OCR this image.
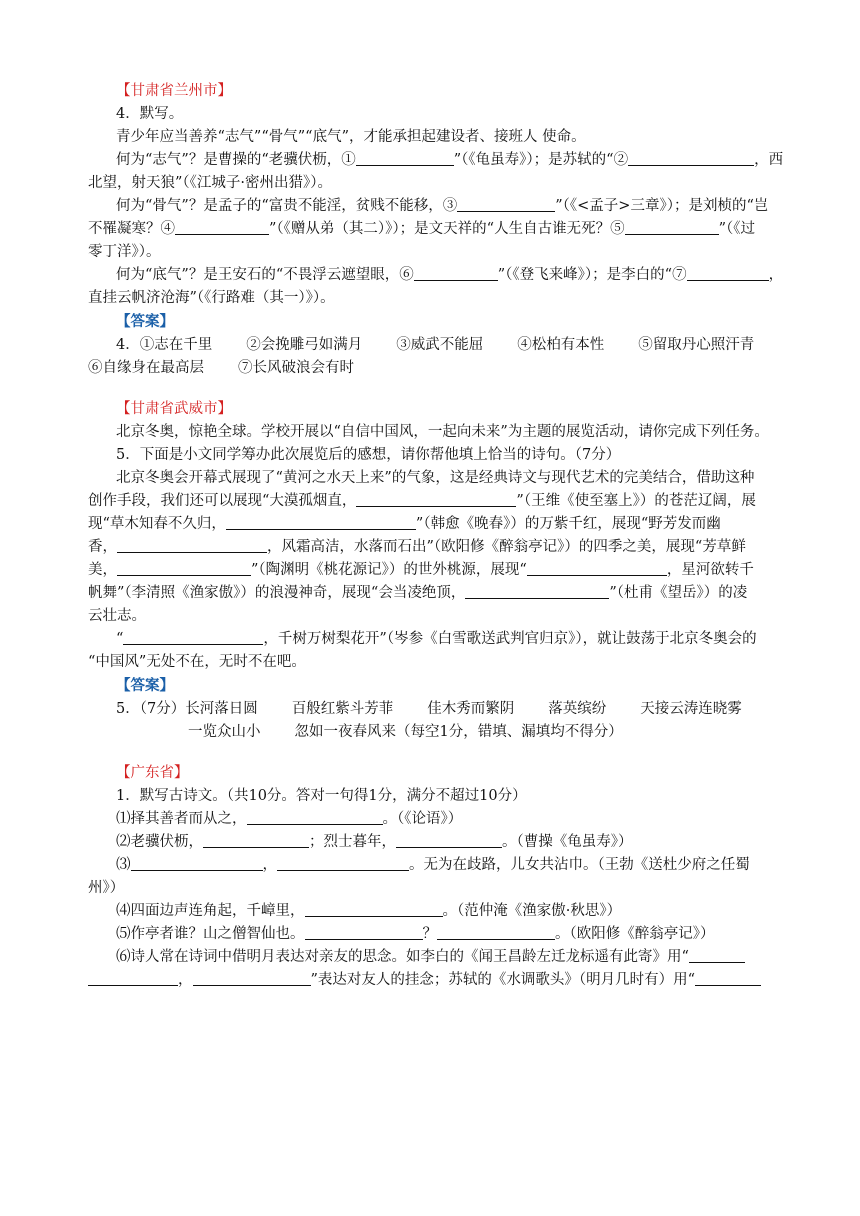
【甘肃省兰州市】
4．默写。
青少年应当善养“志气”“骨气”“底气”，才能承担起建设者、接班人 使命。
何为“志气”？是曹操的“老骥伏枥，①	”（《龟虽寿》）；是苏轼的“②	，西
北望，射天狼”（《江城子·密州出猎》）。
何为“骨气”？是孟子的“富贵不能淫，贫贱不能移，③	”（《<孟子>三章》）；是刘桢的“岂
不罹凝寒？④	”（《赠从弟（其二）》）；是文天祥的“人生自古谁无死？⑤	”（《过
零丁洋》）。
何为“底气”？是王安石的“不畏浮云遮望眼，⑥	”（《登飞来峰》）；是李白的“⑦	，
直挂云帆济沧海”（《行路难（其一）》）。
【答案】
4．①志在千里 ②会挽雕弓如满月 ③威武不能屈 ④松柏有本性 ⑤留取丹心照汗青
⑥自缘身在最高层 ⑦长风破浪会有时
【甘肃省武威市】
北京冬奥，惊艳全球。学校开展以“自信中国风，一起向未来”为主题的展览活动，请你完成下列任务。
5．下面是小文同学筹办此次展览后的感想，请你帮他填上恰当的诗句。（7分）
北京冬奥会开幕式展现了“黄河之水天上来”的气象，这是经典诗文与现代艺术的完美结合，借助这种
创作手段，我们还可以展现“大漠孤烟直，	”（王维《使至塞上》）的苍茫辽阔，展
现“草木知春不久归，	”（韩愈《晚春》）的万紫千红，展现“野芳发而幽
香，	，风霜高洁，水落而石出”（欧阳修《醉翁亭记》）的四季之美，展现“芳草鲜
美，	”（陶渊明《桃花源记》）的世外桃源，展现“	，星河欲转千
帆舞”（李清照《渔家傲》）的浪漫神奇，展现“会当凌绝顶，	”（杜甫《望岳》）的凌
云壮志。
“	，千树万树梨花开”（岑参《白雪歌送武判官归京》），就让鼓荡于北京冬奥会的
“中国风”无处不在，无时不在吧。
【答案】
5．（7分）长河落日圆 百般红紫斗芳菲 佳木秀而繁阴 落英缤纷 天接云涛连晓雾
一览众山小 忽如一夜春风来（每空1分，错填、漏填均不得分）
【广东省】
1．默写古诗文。（共10分。答对一句得1分，满分不超过10分）
⑴择其善者而从之，	。（《论语》）
⑵老骥伏枥，	；烈士暮年，	。（曹操《龟虽寿》）
⑶	，	。无为在歧路，儿女共沾巾。（王勃《送杜少府之任蜀
州》）
⑷四面边声连角起，千嶂里，	。（范仲淹《渔家傲·秋思》）
⑸作亭者谁？山之僧智仙也。	？	。（欧阳修《醉翁亭记》）
⑹诗人常在诗词中借明月表达对亲友的思念。如李白的《闻王昌龄左迁龙标遥有此寄》用“
，	”表达对友人的挂念；苏轼的《水调歌头》（明月几时有）用“
